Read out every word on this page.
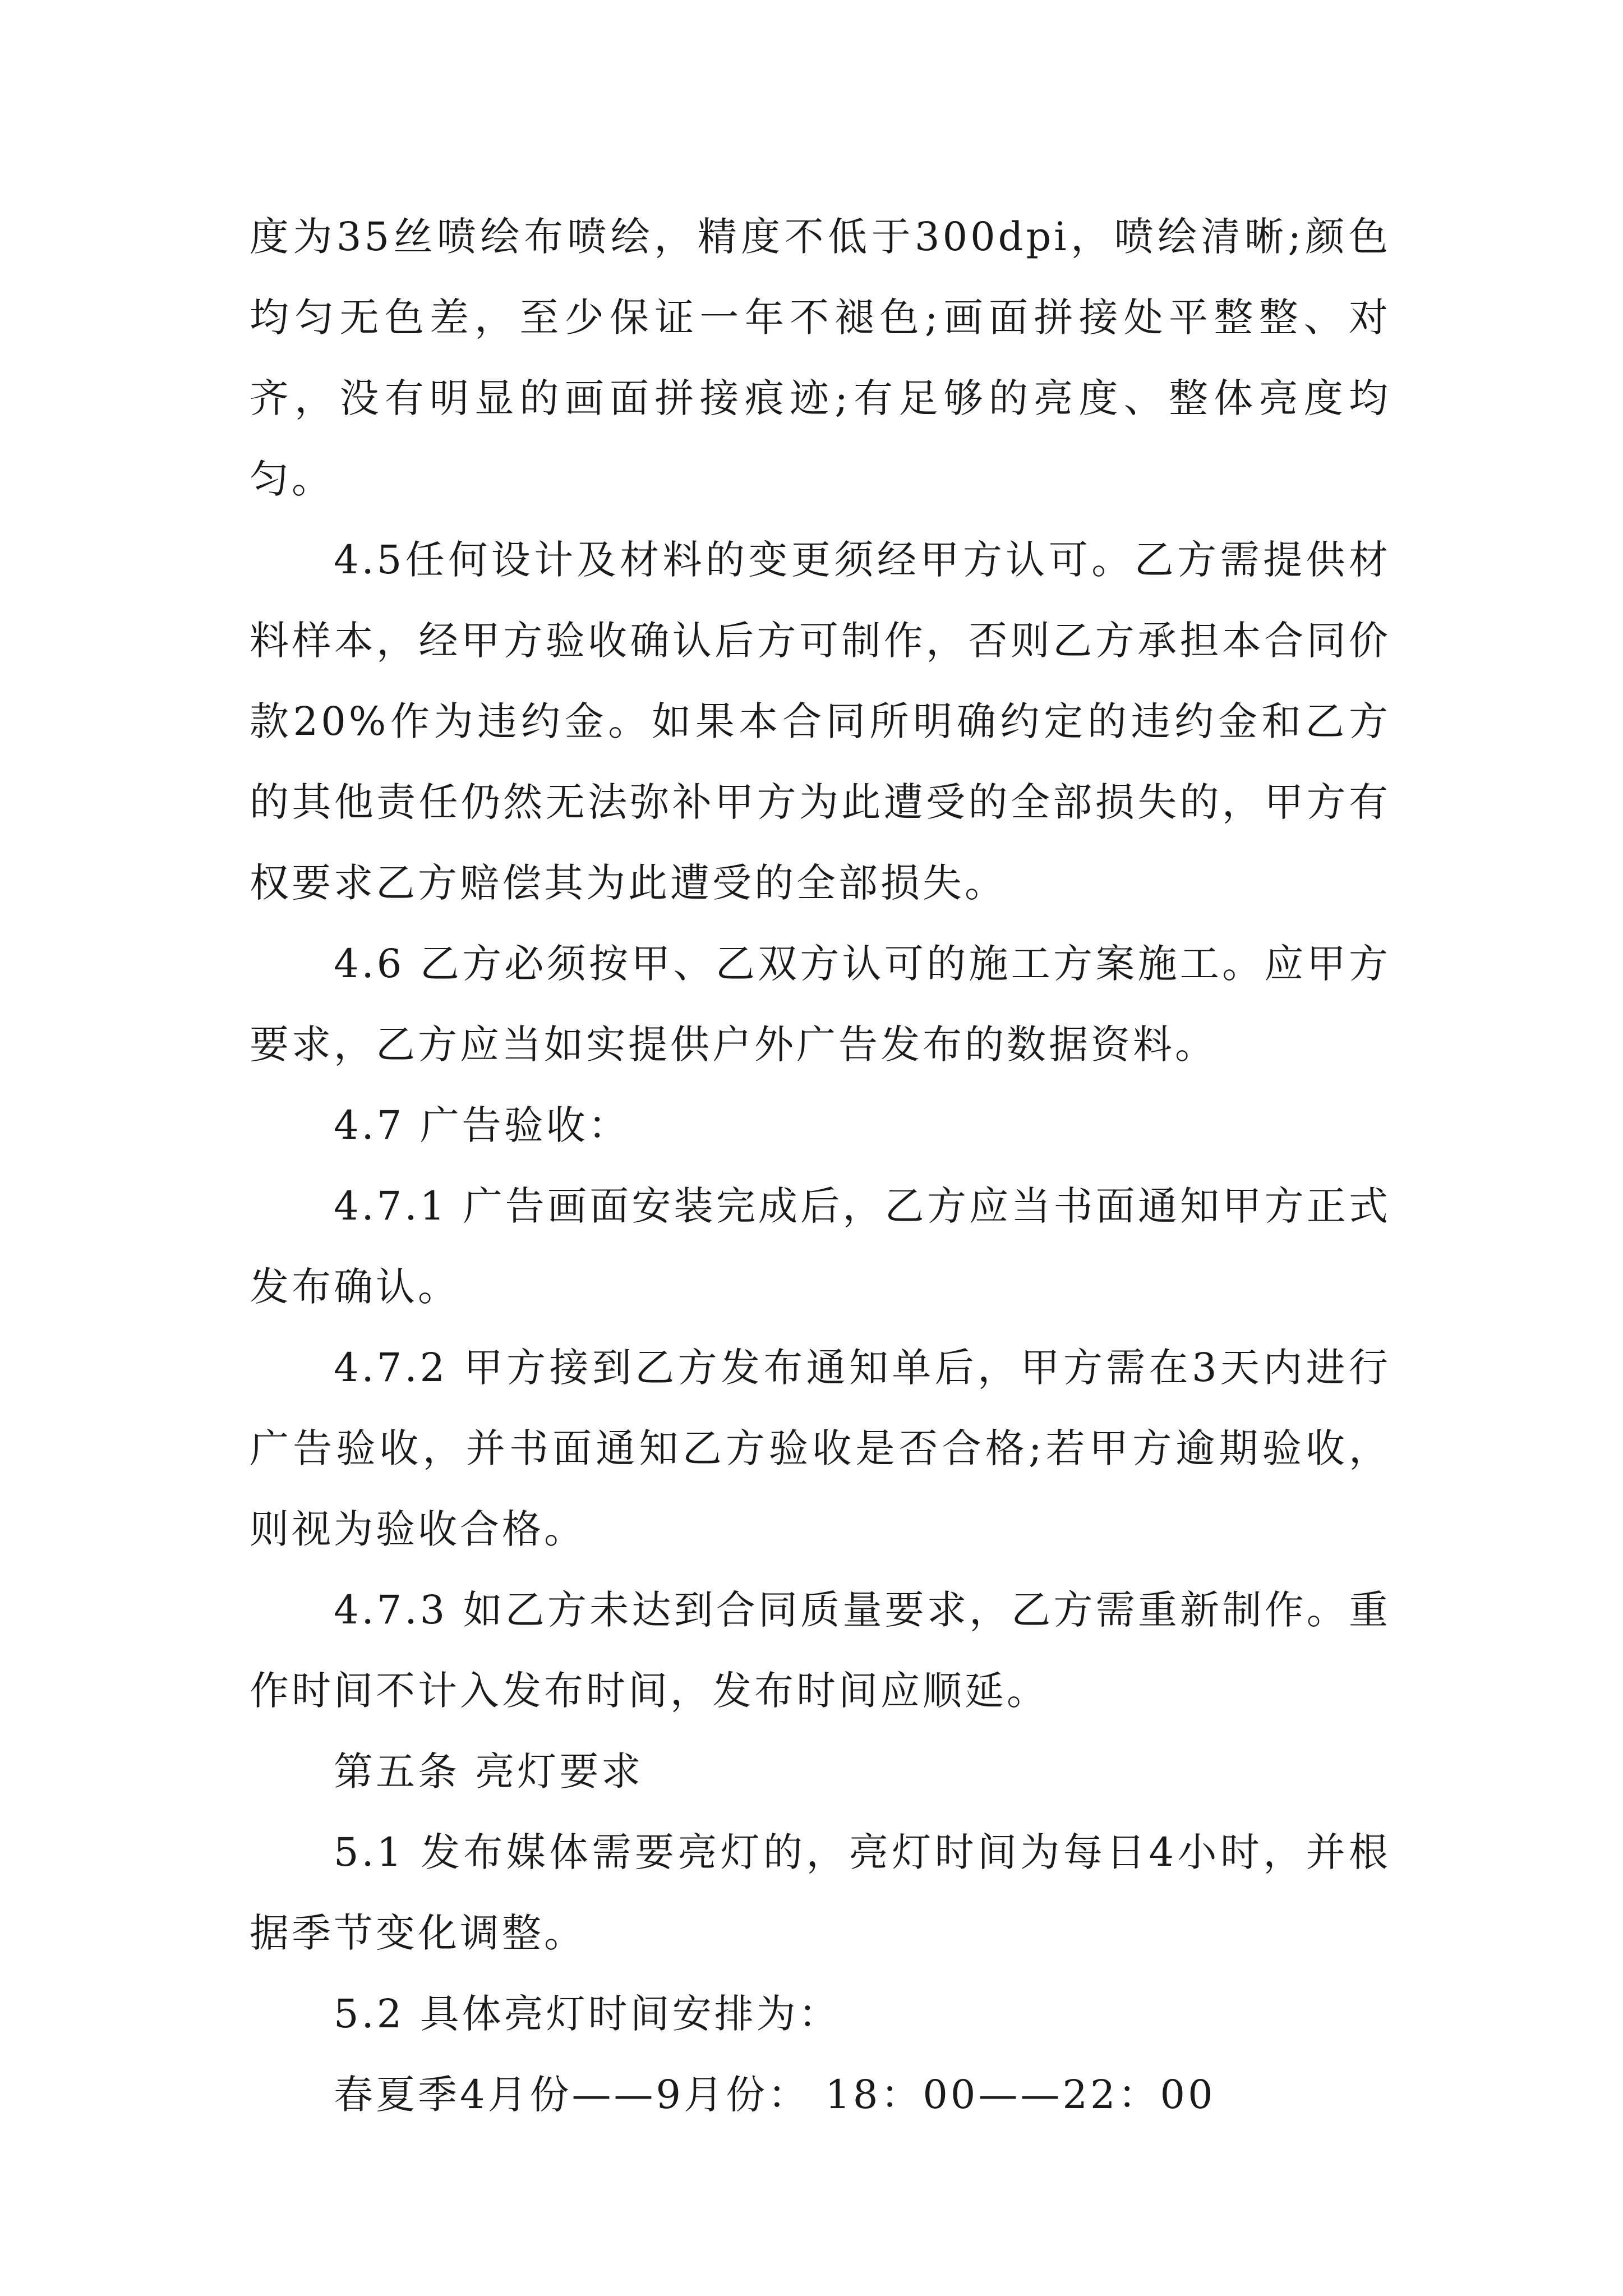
度为35丝喷绘布喷绘，精度不低于300dpi，喷绘清晰;颜色均匀无色差，至少保证一年不褪色;画面拼接处平整整、对齐，没有明显的画面拼接痕迹;有足够的亮度、整体亮度均匀。

4.5任何设计及材料的变更须经甲方认可。乙方需提供材料样本，经甲方验收确认后方可制作，否则乙方承担本合同价款20%作为违约金。如果本合同所明确约定的违约金和乙方的其他责任仍然无法弥补甲方为此遭受的全部损失的，甲方有权要求乙方赔偿其为此遭受的全部损失。

4.6 乙方必须按甲、乙双方认可的施工方案施工。应甲方要求，乙方应当如实提供户外广告发布的数据资料。

4.7 广告验收：

4.7.1 广告画面安装完成后，乙方应当书面通知甲方正式发布确认。

4.7.2 甲方接到乙方发布通知单后，甲方需在3天内进行广告验收，并书面通知乙方验收是否合格;若甲方逾期验收，则视为验收合格。

4.7.3 如乙方未达到合同质量要求，乙方需重新制作。重作时间不计入发布时间，发布时间应顺延。

第五条 亮灯要求

5.1 发布媒体需要亮灯的，亮灯时间为每日4小时，并根据季节变化调整。

5.2 具体亮灯时间安排为：

春夏季4月份——9月份： 18：00——22：00
